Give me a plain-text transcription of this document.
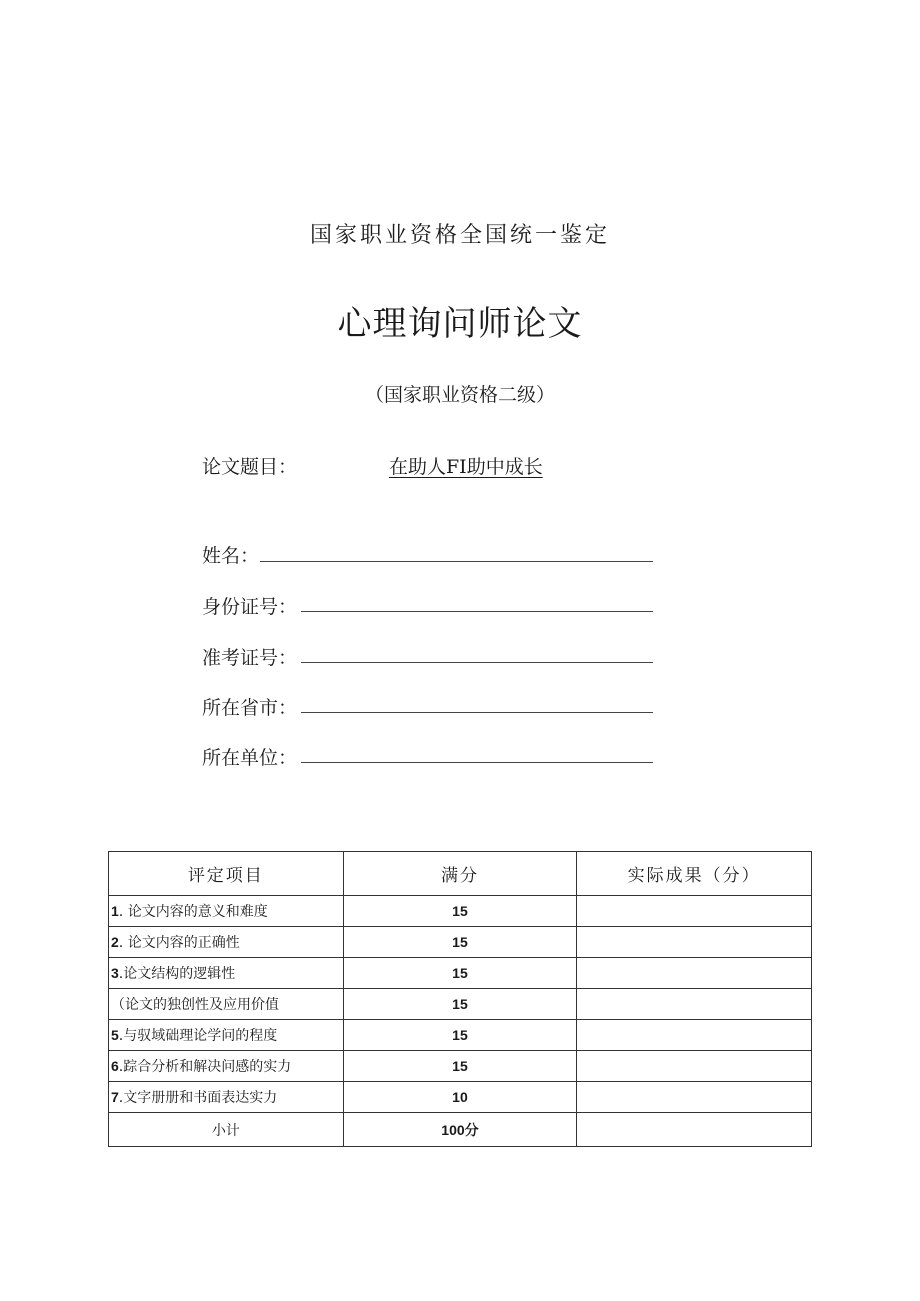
国家职业资格全国统一鉴定
心理询问师论文
（国家职业资格二级）
论文题目：	在助人FI助中成长
姓名：
身份证号：
准考证号：
所在省市：
所在单位：
评定项目	满分	实际成果（分）
1. 论文内容的意义和难度	15	
2. 论文内容的正确性	15	
3.论文结构的逻辑性	15	
（论文的独创性及应用价值	15	
5.与驭域础理论学问的程度	15	
6.踪合分析和解决问感的实力	15	
7.文字册册和书面表达实力	10	
小计	100分	
